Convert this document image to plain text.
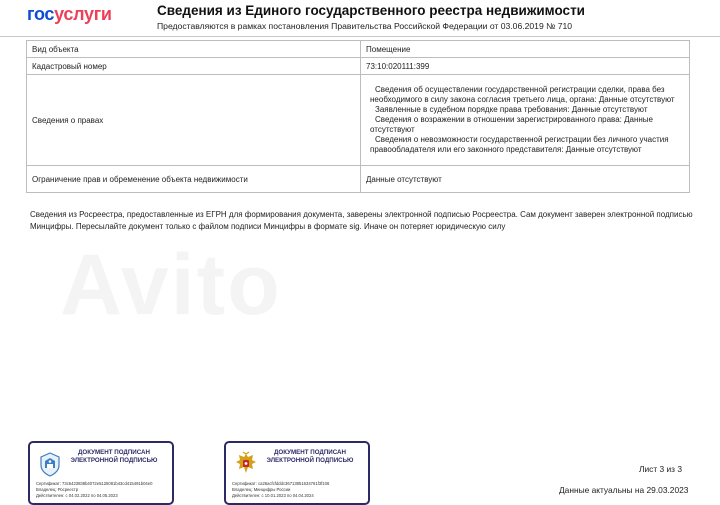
госуслуги	Сведения из Единого государственного реестра недвижимости
Предоставляются в рамках постановления Правительства Российской Федерации от 03.06.2019 № 710
Вид объекта	Помещение
Кадастровый номер	73:10:020111:399
Сведения о правах	Сведения об осуществлении государственной регистрации сделки, права без необходимого в силу закона согласия третьего лица, органа: Данные отсутствуют
Заявленные в судебном порядке права требования: Данные отсутствуют
Сведения о возражении в отношении зарегистрированного права: Данные отсутствуют
Сведения о невозможности государственной регистрации без личного участия правообладателя или его законного представителя: Данные отсутствуют

Ограничение прав и обременение объекта недвижимости	Данные отсутствуют
Сведения из Росреестра, предоставленные из ЕГРН для формирования документа, заверены электронной подписью Росреестра. Сам документ заверен электронной подписью Минцифры. Пересылайте документ только с файлом подписи Минцифры в формате sig. Иначе он потеряет юридическую силу
ДОКУМЕНТ ПОДПИСАН ЭЛЕКТРОННОЙ ПОДПИСЬЮ
Сертификат: 73c6423838b4072e5125081b43cd415491b04e0
Владелец: Росреестр
Действителен: с 04.02.2022 по 04.05.2023
ДОКУМЕНТ ПОДПИСАН ЭЛЕКТРОННОЙ ПОДПИСЬЮ
Сертификат: ca26acfcfdddc36713851634761f3f106
Владелец: Минцифры России
Действителен: с 10.01.2023 по 04.04.2024
Лист 3 из 3
Данные актуальны на 29.03.2023
